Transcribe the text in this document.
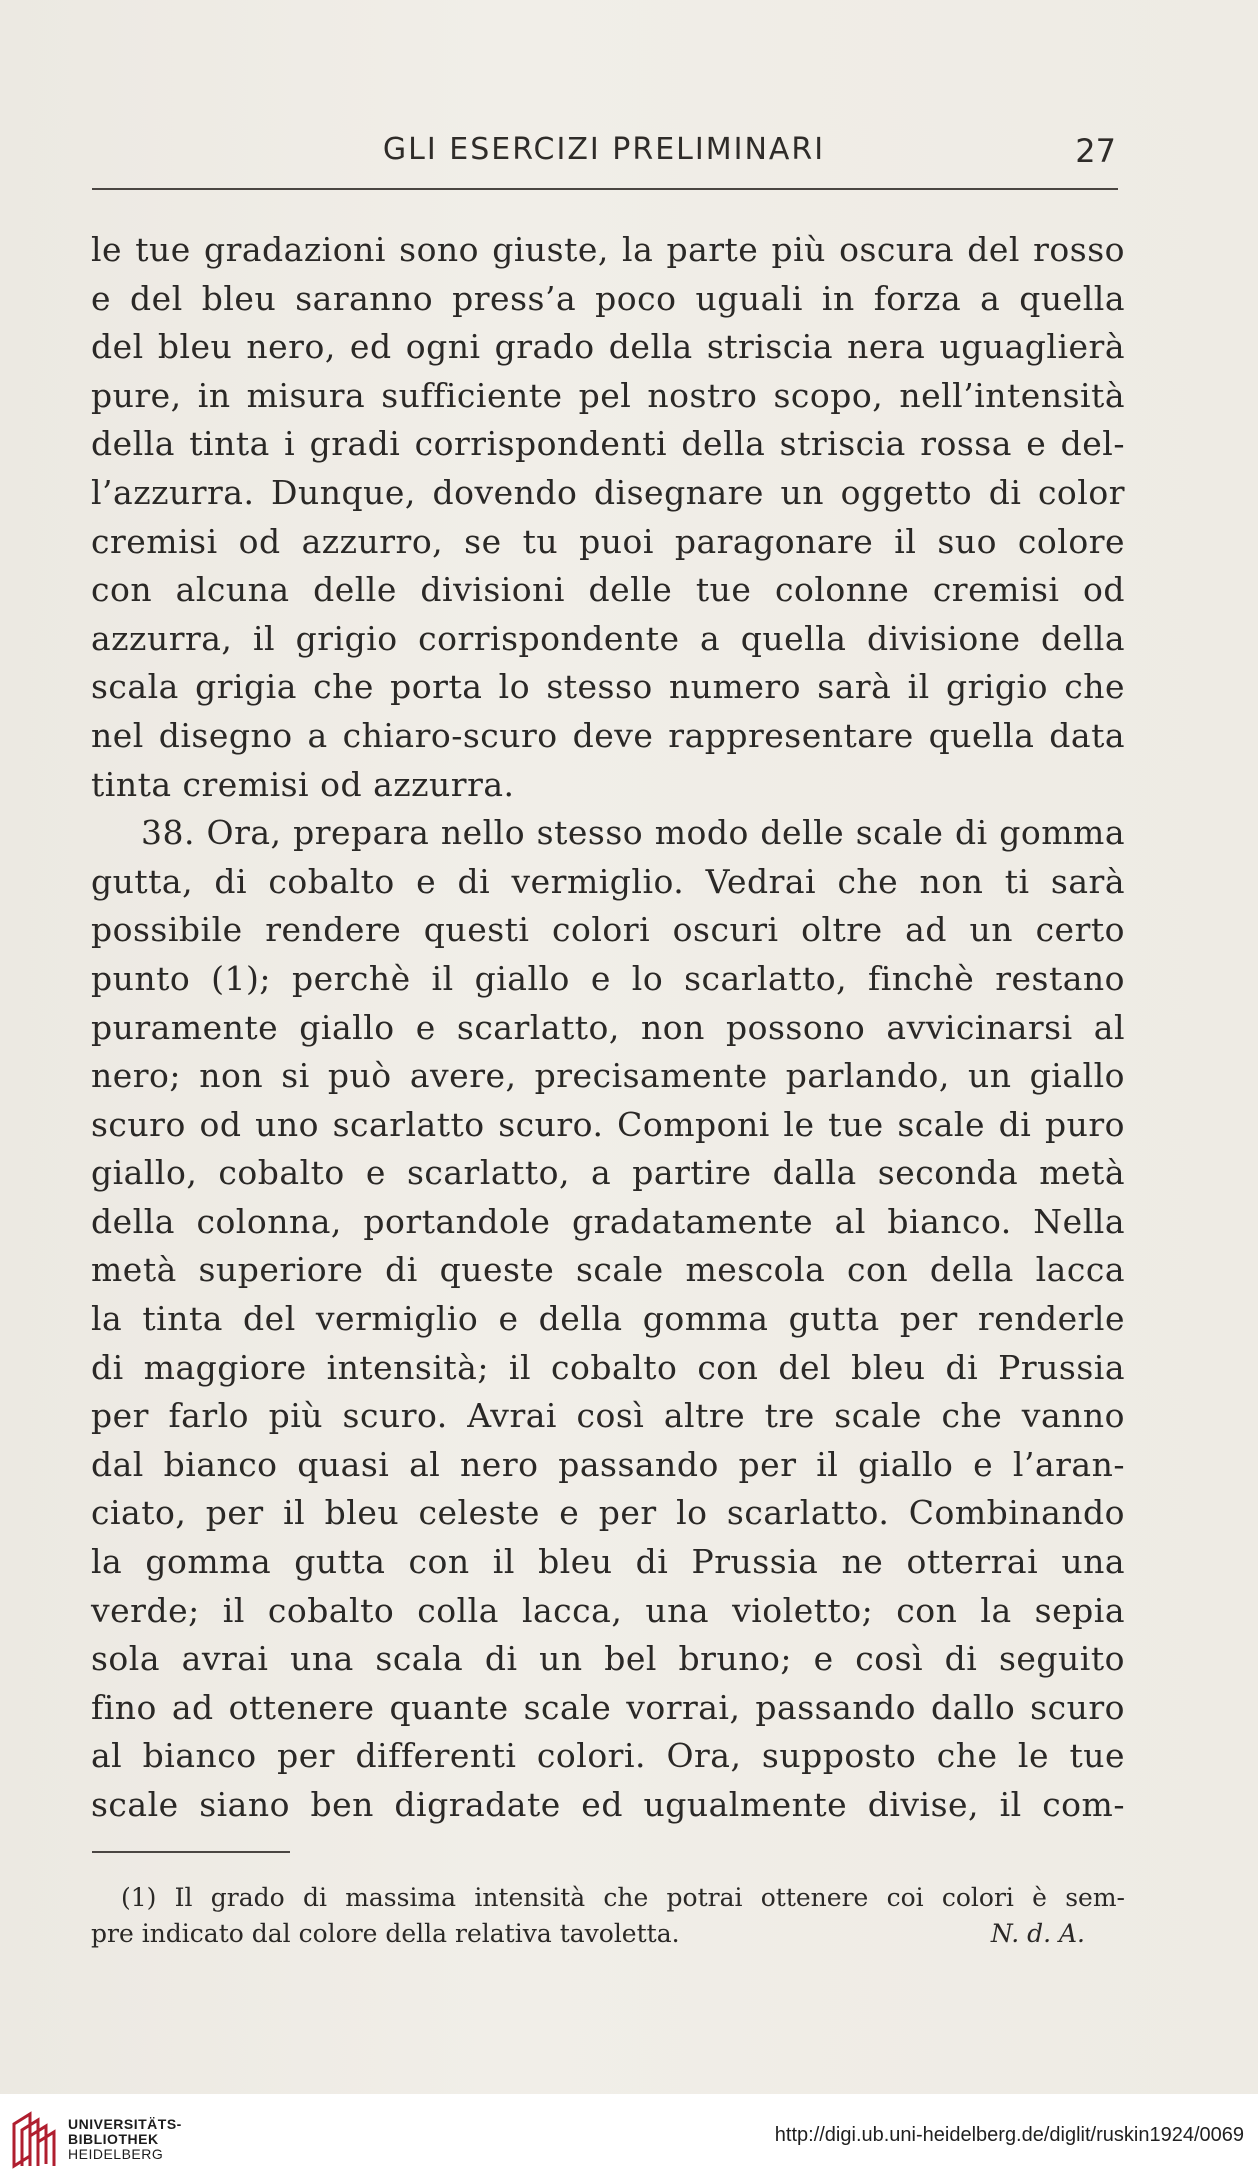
GLI ESERCIZI PRELIMINARI	27
le tue gradazioni sono giuste, la parte più oscura del rosso
e del bleu saranno press’a poco uguali in forza a quella
del bleu nero, ed ogni grado della striscia nera uguaglierà
pure, in misura sufficiente pel nostro scopo, nell’intensità
della tinta i gradi corrispondenti della striscia rossa e del-
l’azzurra. Dunque, dovendo disegnare un oggetto di color
cremisi od azzurro, se tu puoi paragonare il suo colore
con alcuna delle divisioni delle tue colonne cremisi od
azzurra, il grigio corrispondente a quella divisione della
scala grigia che porta lo stesso numero sarà il grigio che
nel disegno a chiaro-scuro deve rappresentare quella data
tinta cremisi od azzurra.
38. Ora, prepara nello stesso modo delle scale di gomma
gutta, di cobalto e di vermiglio. Vedrai che non ti sarà
possibile rendere questi colori oscuri oltre ad un certo
punto (1); perchè il giallo e lo scarlatto, finchè restano
puramente giallo e scarlatto, non possono avvicinarsi al
nero; non si può avere, precisamente parlando, un giallo
scuro od uno scarlatto scuro. Componi le tue scale di puro
giallo, cobalto e scarlatto, a partire dalla seconda metà
della colonna, portandole gradatamente al bianco. Nella
metà superiore di queste scale mescola con della lacca
la tinta del vermiglio e della gomma gutta per renderle
di maggiore intensità; il cobalto con del bleu di Prussia
per farlo più scuro. Avrai così altre tre scale che vanno
dal bianco quasi al nero passando per il giallo e l’aran-
ciato, per il bleu celeste e per lo scarlatto. Combinando
la gomma gutta con il bleu di Prussia ne otterrai una
verde; il cobalto colla lacca, una violetto; con la sepia
sola avrai una scala di un bel bruno; e così di seguito
fino ad ottenere quante scale vorrai, passando dallo scuro
al bianco per differenti colori. Ora, supposto che le tue
scale siano ben digradate ed ugualmente divise, il com-
(1) Il grado di massima intensità che potrai ottenere coi colori è sem-
pre indicato dal colore della relativa tavoletta.	N. d. A.
UNIVERSITÄTS-
BIBLIOTHEK
HEIDELBERG
http://digi.ub.uni-heidelberg.de/diglit/ruskin1924/0069
